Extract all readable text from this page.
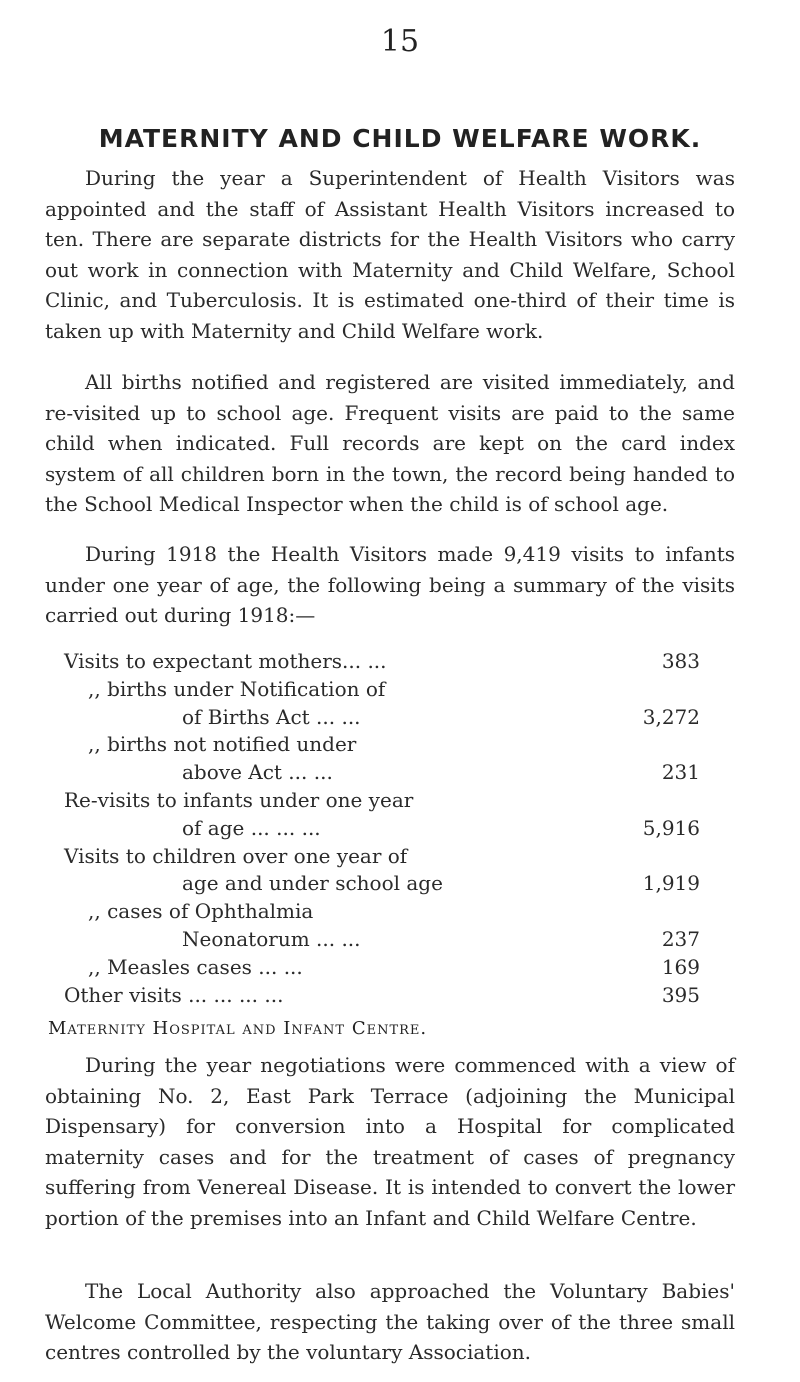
15
MATERNITY AND CHILD WELFARE WORK.

During the year a Superintendent of Health Visitors was appointed and the staff of Assistant Health Visitors increased to ten. There are separate districts for the Health Visitors who carry out work in connection with Maternity and Child Welfare, School Clinic, and Tuberculosis. It is estimated one-third of their time is taken up with Maternity and Child Welfare work.

All births notified and registered are visited immediately, and re-visited up to school age. Frequent visits are paid to the same child when indicated. Full records are kept on the card index system of all children born in the town, the record being handed to the School Medical Inspector when the child is of school age.

During 1918 the Health Visitors made 9,419 visits to infants under one year of age, the following being a summary of the visits carried out during 1918:—

Visits to expectant mothers... ...	383
,, births under Notification of
of Births Act ... ...	3,272
,, births not notified under
above Act ... ...	231
Re-visits to infants under one year
of age ... ... ...	5,916
Visits to children over one year of
age and under school age	1,919
,, cases of Ophthalmia
Neonatorum ... ...	237
,, Measles cases ... ...	169
Other visits ... ... ... ...	395
Maternity Hospital and Infant Centre.

During the year negotiations were commenced with a view of obtaining No. 2, East Park Terrace (adjoining the Municipal Dispensary) for conversion into a Hospital for complicated maternity cases and for the treatment of cases of pregnancy suffering from Venereal Disease. It is intended to convert the lower portion of the premises into an Infant and Child Welfare Centre.

The Local Authority also approached the Voluntary Babies' Welcome Committee, respecting the taking over of the three small centres controlled by the voluntary Association.
